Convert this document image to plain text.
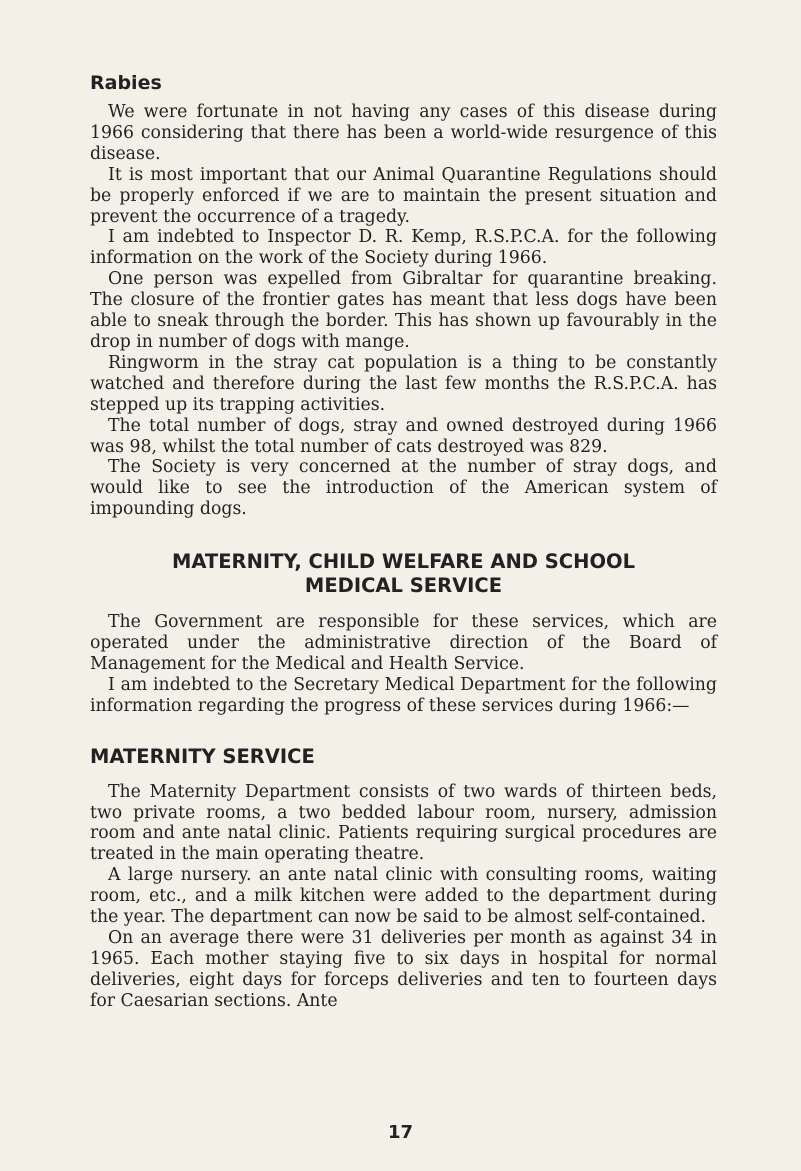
Rabies

We were fortunate in not having any cases of this disease during 1966 considering that there has been a world-wide resurgence of this disease.

It is most important that our Animal Quarantine Regulations should be properly enforced if we are to maintain the present situation and prevent the occurrence of a tragedy.

I am indebted to Inspector D. R. Kemp, R.S.P.C.A. for the following information on the work of the Society during 1966.

One person was expelled from Gibraltar for quarantine breaking. The closure of the frontier gates has meant that less dogs have been able to sneak through the border. This has shown up favourably in the drop in number of dogs with mange.

Ringworm in the stray cat population is a thing to be constantly watched and therefore during the last few months the R.S.P.C.A. has stepped up its trapping activities.

The total number of dogs, stray and owned destroyed during 1966 was 98, whilst the total number of cats destroyed was 829.

The Society is very concerned at the number of stray dogs, and would like to see the introduction of the American system of impounding dogs.

MATERNITY, CHILD WELFARE AND SCHOOL
MEDICAL SERVICE

The Government are responsible for these services, which are operated under the administrative direction of the Board of Management for the Medical and Health Service.

I am indebted to the Secretary Medical Department for the following information regarding the progress of these services during 1966:—

MATERNITY SERVICE

The Maternity Department consists of two wards of thirteen beds, two private rooms, a two bedded labour room, nursery, admission room and ante natal clinic. Patients requiring surgical procedures are treated in the main operating theatre.

A large nursery. an ante natal clinic with consulting rooms, waiting room, etc., and a milk kitchen were added to the department during the year. The department can now be said to be almost self-contained.

On an average there were 31 deliveries per month as against 34 in 1965. Each mother staying five to six days in hospital for normal deliveries, eight days for forceps deliveries and ten to fourteen days for Caesarian sections. Ante

17
